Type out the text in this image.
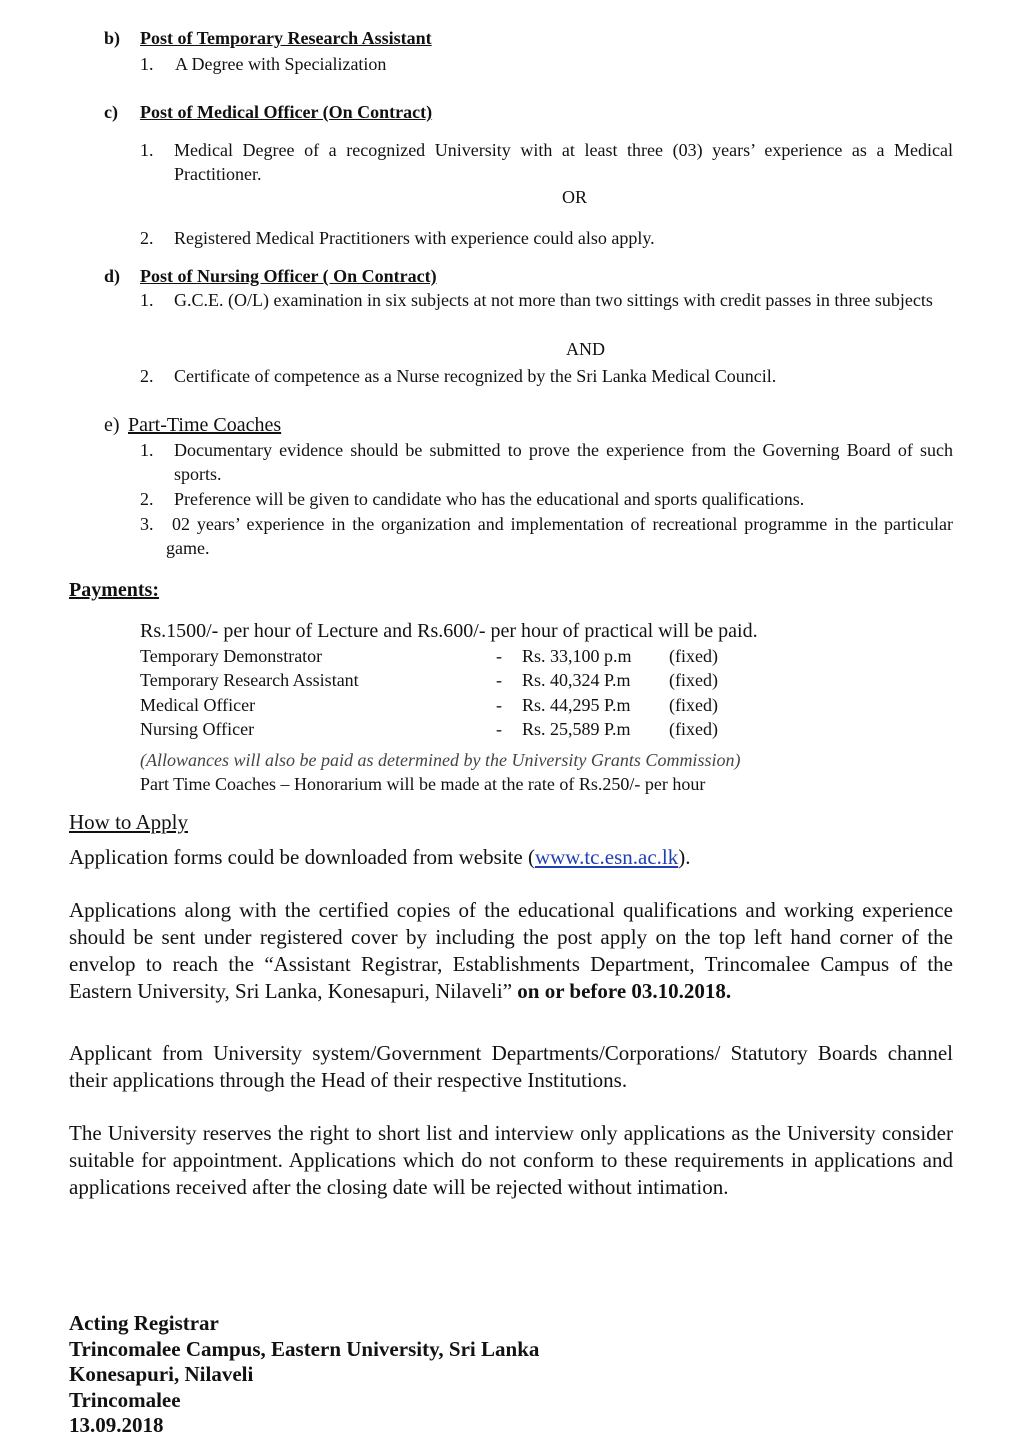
b) Post of Temporary Research Assistant
1. A Degree with Specialization
c) Post of Medical Officer (On Contract)
1. Medical Degree of a recognized University with at least three (03) years’ experience as a Medical Practitioner.
OR
2. Registered Medical Practitioners with experience could also apply.
d) Post of Nursing Officer ( On Contract)
1. G.C.E. (O/L) examination in six subjects at not more than two sittings with credit passes in three subjects
AND
2. Certificate of competence as a Nurse recognized by the Sri Lanka Medical Council.
e) Part-Time Coaches
1. Documentary evidence should be submitted to prove the experience from the Governing Board of such sports.
2. Preference will be given to candidate who has the educational and sports qualifications.
3.	02 years’ experience in the organization and implementation of recreational programme in the particular game.
Payments:
Rs.1500/- per hour of Lecture and Rs.600/- per hour of practical will be paid.
Temporary Demonstrator	- Rs. 33,100 p.m (fixed)
Temporary Research Assistant	- Rs. 40,324 P.m (fixed)
Medical Officer	- Rs. 44,295 P.m (fixed)
Nursing Officer	- Rs. 25,589 P.m (fixed)
(Allowances will also be paid as determined by the University Grants Commission)
Part Time Coaches – Honorarium will be made at the rate of Rs.250/- per hour
How to Apply
Application forms could be downloaded from website (www.tc.esn.ac.lk).
Applications along with the certified copies of the educational qualifications and working experience should be sent under registered cover by including the post apply on the top left hand corner of the envelop to reach the “Assistant Registrar, Establishments Department, Trincomalee Campus of the Eastern University, Sri Lanka, Konesapuri, Nilaveli” on or before 03.10.2018.
Applicant from University system/Government Departments/Corporations/ Statutory Boards channel their applications through the Head of their respective Institutions.
The University reserves the right to short list and interview only applications as the University consider suitable for appointment. Applications which do not conform to these requirements in applications and applications received after the closing date will be rejected without intimation.
Acting Registrar
Trincomalee Campus, Eastern University, Sri Lanka
Konesapuri, Nilaveli
Trincomalee
13.09.2018
